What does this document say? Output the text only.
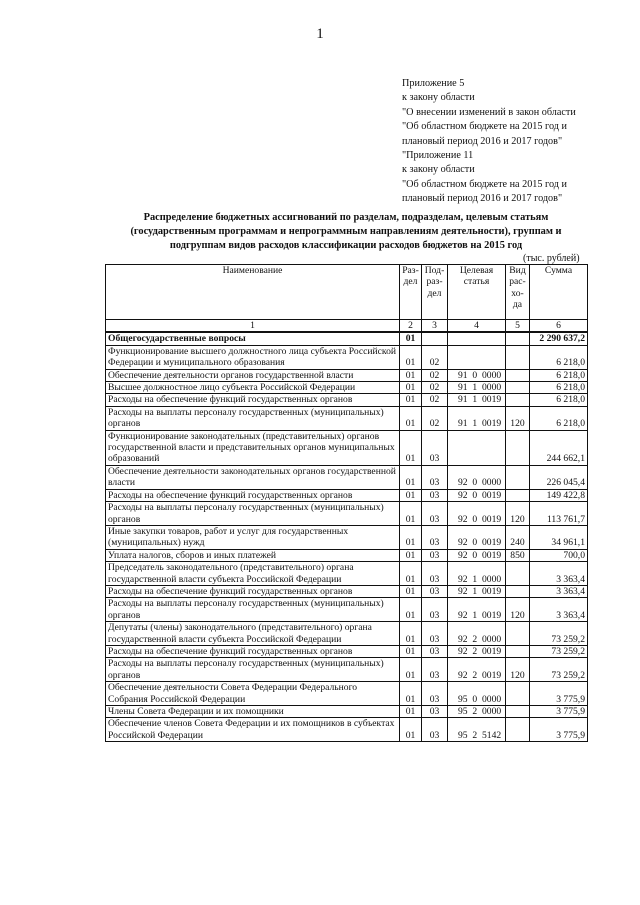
1
Приложение 5
к закону области
"О внесении изменений в закон области
"Об областном бюджете на 2015 год и
плановый период 2016 и 2017 годов"
"Приложение 11
к закону области
"Об областном бюджете на 2015 год и
плановый период 2016 и 2017 годов"
Распределение бюджетных ассигнований по разделам, подразделам, целевым статьям
(государственным программам и непрограммным направлениям деятельности), группам и
подгруппам видов расходов классификации расходов бюджетов на 2015 год
(тыс. рублей)
Наименование	Раз- дел	Под- раз- дел	Целевая статья	Вид рас- хо- да	Сумма
1	2	3	4	5	6
Общегосударственные вопросы	01				2 290 637,2
Функционирование высшего должностного лица субъекта Российской Федерации и муниципального образования	01	02			6 218,0
Обеспечение деятельности органов государственной власти	01	02	91  0  0000		6 218,0
Высшее должностное лицо субъекта Российской Федерации	01	02	91  1  0000		6 218,0
Расходы на обеспечение функций государственных органов	01	02	91  1  0019		6 218,0
Расходы на выплаты персоналу государственных (муниципальных) органов	01	02	91  1  0019	120	6 218,0
Функционирование законодательных (представительных) органов государственной власти и представительных органов муниципальных образований	01	03			244 662,1
Обеспечение деятельности законодательных органов государственной власти	01	03	92  0  0000		226 045,4
Расходы на обеспечение функций государственных органов	01	03	92  0  0019		149 422,8
Расходы на выплаты персоналу государственных (муниципальных) органов	01	03	92  0  0019	120	113 761,7
Иные закупки товаров, работ и услуг для государственных (муниципальных) нужд	01	03	92  0  0019	240	34 961,1
Уплата налогов, сборов и иных платежей	01	03	92  0  0019	850	700,0
Председатель законодательного (представительного) органа государственной власти субъекта Российской Федерации	01	03	92  1  0000		3 363,4
Расходы на обеспечение функций государственных органов	01	03	92  1  0019		3 363,4
Расходы на выплаты персоналу государственных (муниципальных) органов	01	03	92  1  0019	120	3 363,4
Депутаты (члены) законодательного (представительного) органа государственной власти субъекта Российской Федерации	01	03	92  2  0000		73 259,2
Расходы на обеспечение функций государственных органов	01	03	92  2  0019		73 259,2
Расходы на выплаты персоналу государственных (муниципальных) органов	01	03	92  2  0019	120	73 259,2
Обеспечение деятельности Совета Федерации Федерального Собрания Российской Федерации	01	03	95  0  0000		3 775,9
Члены Совета Федерации и их помощники	01	03	95  2  0000		3 775,9
Обеспечение членов Совета Федерации и их помощников в субъектах Российской Федерации	01	03	95  2  5142		3 775,9
